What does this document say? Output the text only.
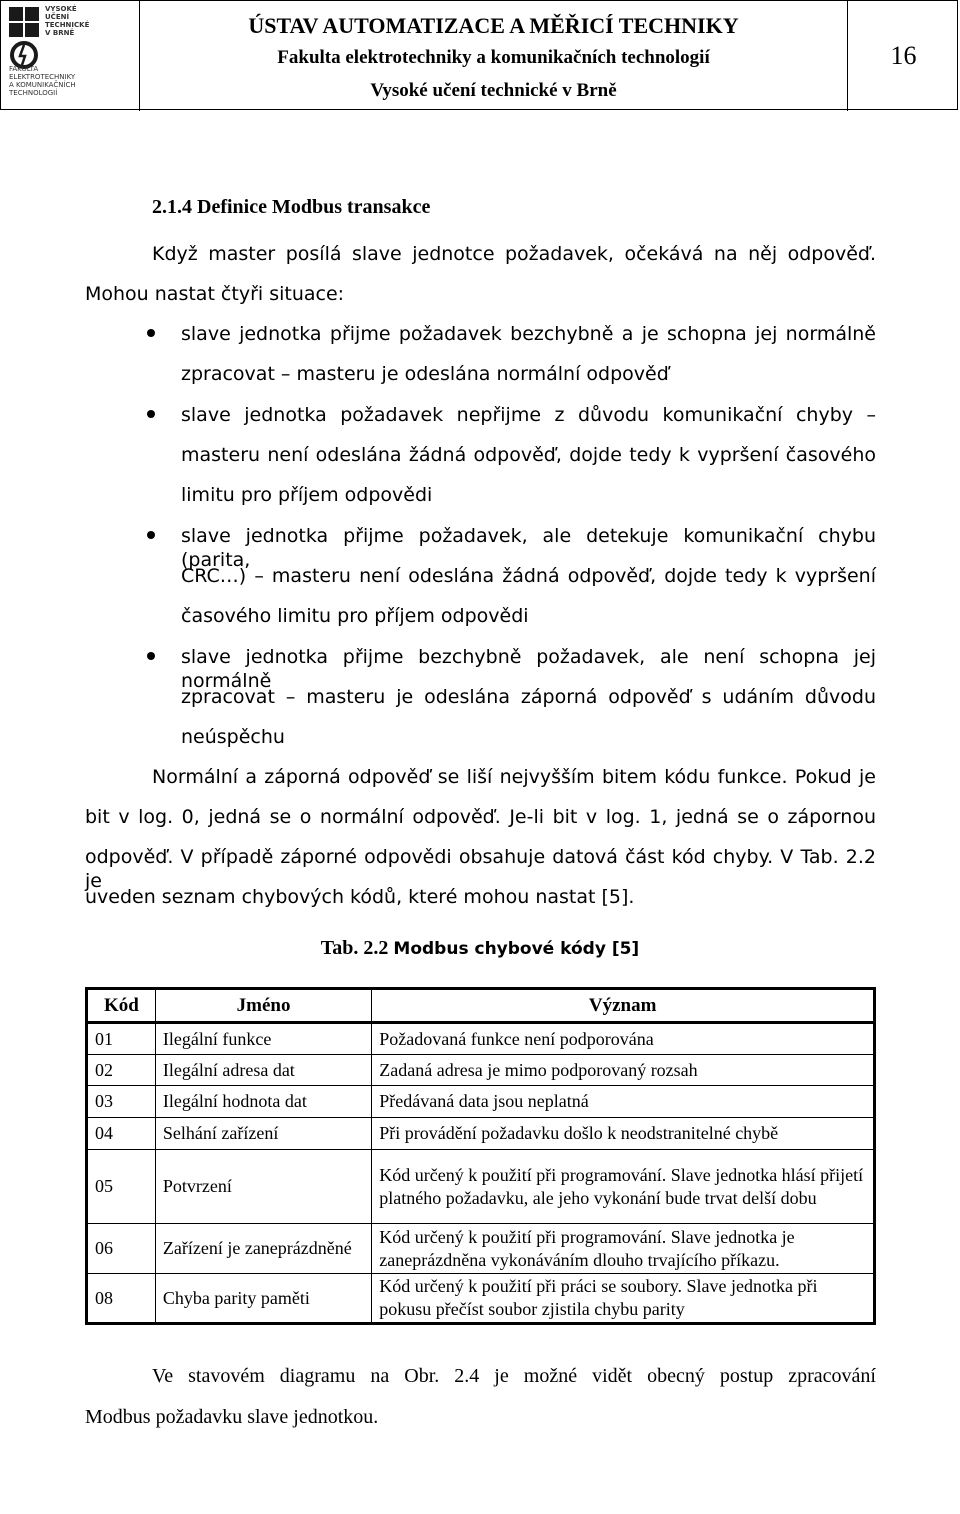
VYSOKÉ UČENÍ TECHNICKÉ V BRNĚ
FAKULTA ELEKTROTECHNIKY A KOMUNIKAČNÍCH TECHNOLOGIÍ
ÚSTAV AUTOMATIZACE A MĚŘICÍ TECHNIKY
Fakulta elektrotechniky a komunikačních technologií
Vysoké učení technické v Brně
16
2.1.4 Definice Modbus transakce
Když master posílá slave jednotce požadavek, očekává na něj odpověď.
Mohou nastat čtyři situace:
slave jednotka přijme požadavek bezchybně a je schopna jej normálně
zpracovat – masteru je odeslána normální odpověď
slave jednotka požadavek nepřijme z důvodu komunikační chyby –
masteru není odeslána žádná odpověď, dojde tedy k vypršení časového
limitu pro příjem odpovědi
slave jednotka přijme požadavek, ale detekuje komunikační chybu (parita,
CRC…) – masteru není odeslána žádná odpověď, dojde tedy k vypršení
časového limitu pro příjem odpovědi
slave jednotka přijme bezchybně požadavek, ale není schopna jej normálně
zpracovat – masteru je odeslána záporná odpověď s udáním důvodu
neúspěchu
Normální a záporná odpověď se liší nejvyšším bitem kódu funkce. Pokud je
bit v log. 0, jedná se o normální odpověď. Je-li bit v log. 1, jedná se o zápornou
odpověď. V případě záporné odpovědi obsahuje datová část kód chyby. V Tab. 2.2 je
uveden seznam chybových kódů, které mohou nastat [5].
Tab. 2.2 Modbus chybové kódy [5]
Kód	Jméno	Význam
01	Ilegální funkce	Požadovaná funkce není podporována
02	Ilegální adresa dat	Zadaná adresa je mimo podporovaný rozsah
03	Ilegální hodnota dat	Předávaná data jsou neplatná
04	Selhání zařízení	Při provádění požadavku došlo k neodstranitelné chybě
05	Potvrzení	Kód určený k použití při programování. Slave jednotka hlásí přijetí platného požadavku, ale jeho vykonání bude trvat delší dobu
06	Zařízení je zaneprázdněné	Kód určený k použití při programování. Slave jednotka je zaneprázdněna vykonáváním dlouho trvajícího příkazu.
08	Chyba parity paměti	Kód určený k použití při práci se soubory. Slave jednotka při pokusu přečíst soubor zjistila chybu parity
Ve stavovém diagramu na Obr. 2.4 je možné vidět obecný postup zpracování
Modbus požadavku slave jednotkou.
